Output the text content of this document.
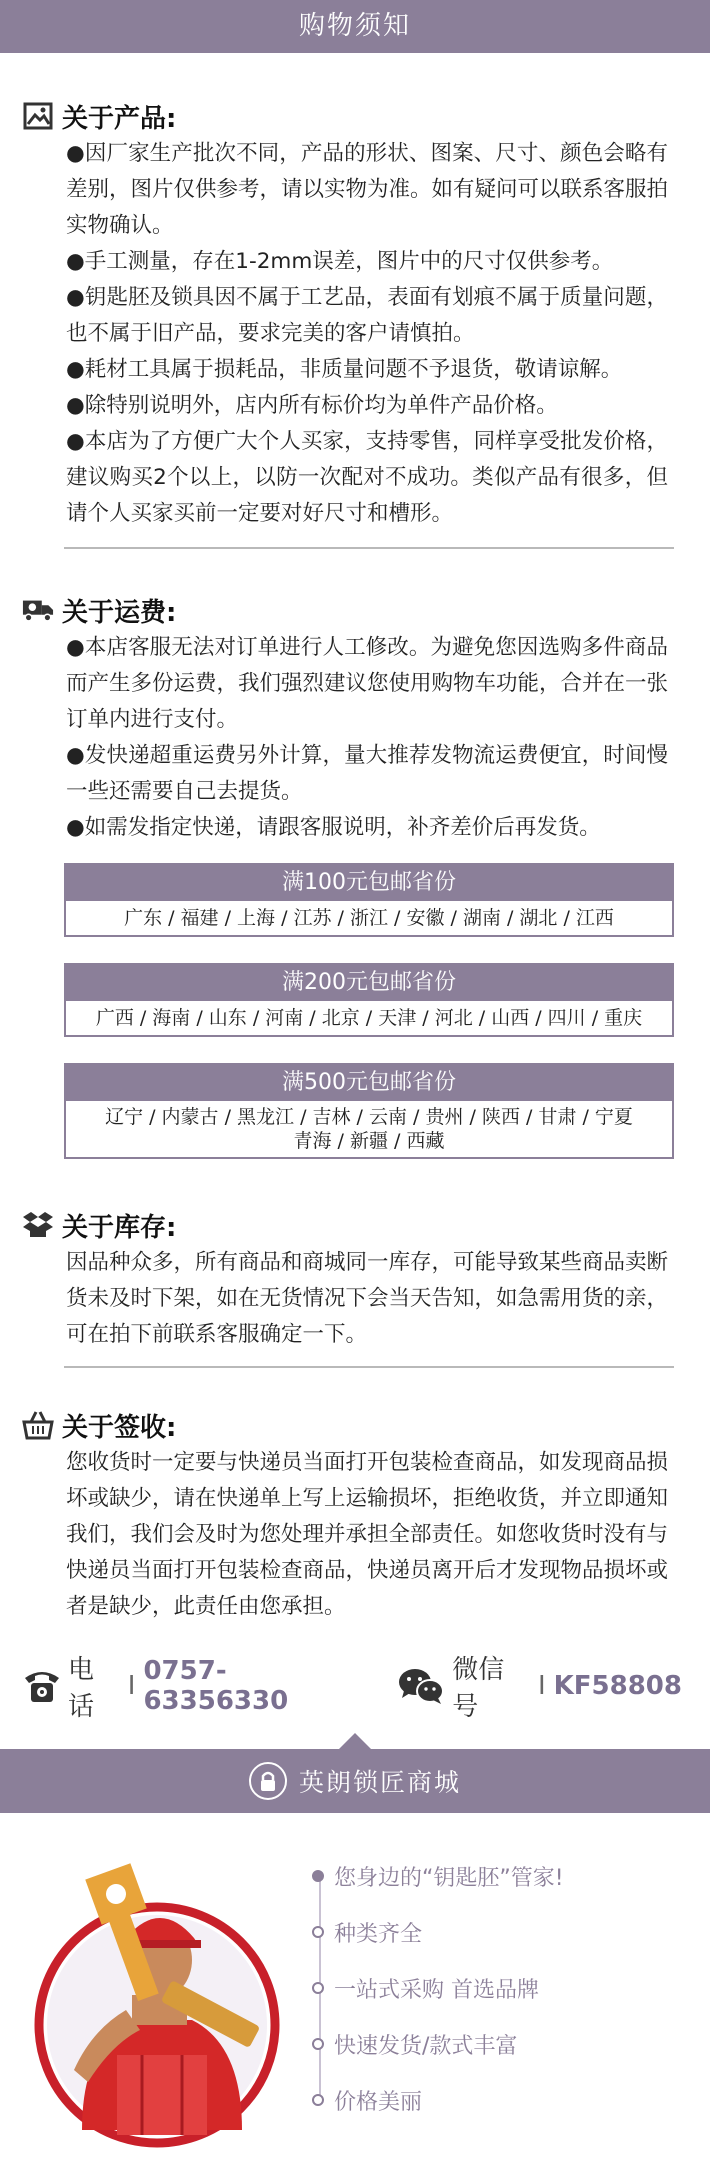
购物须知
关于产品:

●因厂家生产批次不同，产品的形状、图案、尺寸、颜色会略有差别，图片仅供参考，请以实物为准。如有疑问可以联系客服拍实物确认。

●手工测量，存在1-2mm误差，图片中的尺寸仅供参考。

●钥匙胚及锁具因不属于工艺品，表面有划痕不属于质量问题，也不属于旧产品，要求完美的客户请慎拍。

●耗材工具属于损耗品，非质量问题不予退货，敬请谅解。

●除特别说明外，店内所有标价均为单件产品价格。

●本店为了方便广大个人买家，支持零售，同样享受批发价格，建议购买2个以上，以防一次配对不成功。类似产品有很多，但请个人买家买前一定要对好尺寸和槽形。

关于运费:

●本店客服无法对订单进行人工修改。为避免您因选购多件商品而产生多份运费，我们强烈建议您使用购物车功能，合并在一张订单内进行支付。

●发快递超重运费另外计算，量大推荐发物流运费便宜，时间慢一些还需要自己去提货。

●如需发指定快递，请跟客服说明，补齐差价后再发货。

满100元包邮省份
广东 / 福建 / 上海 / 江苏 / 浙江 / 安徽 / 湖南 / 湖北 / 江西
满200元包邮省份
广西 / 海南 / 山东 / 河南 / 北京 / 天津 / 河北 / 山西 / 四川 / 重庆
满500元包邮省份
辽宁 / 内蒙古 / 黑龙江 / 吉林 / 云南 / 贵州 / 陕西 / 甘肃 / 宁夏
青海 / 新疆 / 西藏
关于库存:

因品种众多，所有商品和商城同一库存，可能导致某些商品卖断货未及时下架，如在无货情况下会当天告知，如急需用货的亲，可在拍下前联系客服确定一下。

关于签收:

您收货时一定要与快递员当面打开包装检查商品，如发现商品损坏或缺少，请在快递单上写上运输损坏，拒绝收货，并立即通知我们，我们会及时为您处理并承担全部责任。如您收货时没有与快递员当面打开包装检查商品，快递员离开后才发现物品损坏或者是缺少，此责任由您承担。

电话
I 0757-63356330
微信号
I KF58808
英朗锁匠商城
您身边的“钥匙胚”管家!
种类齐全
一站式采购 首选品牌
快速发货/款式丰富
价格美丽
